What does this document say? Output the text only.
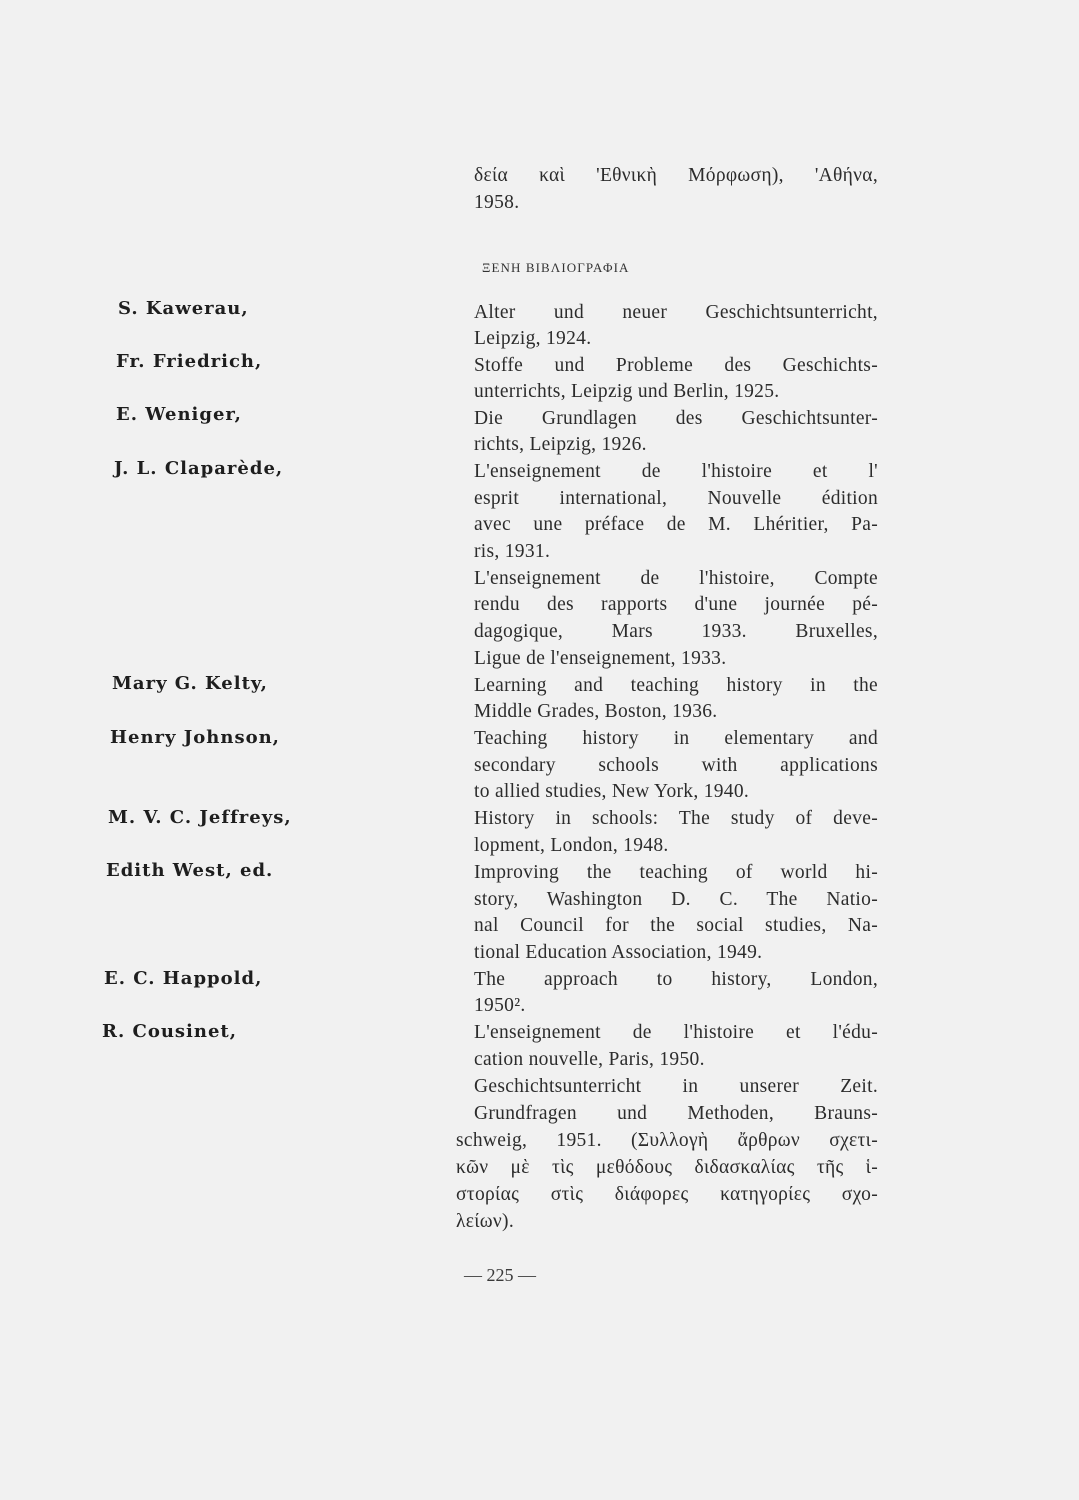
δεία καὶ 'Εθνικὴ Μόρφωση), 'Αθήνα,
1958.
ΞΕΝΗ ΒΙΒΛΙΟΓΡΑΦΙΑ
S. Kawerau,
Fr. Friedrich,
E. Weniger,
J. L. Claparède,
Mary G. Kelty,
Henry Johnson,
M. V. C. Jeffreys,
Edith West, ed.
E. C. Happold,
R. Cousinet,
Alter und neuer Geschichtsunterricht,
Leipzig, 1924.
Stoffe und Probleme des Geschichts-
unterrichts, Leipzig und Berlin, 1925.
Die Grundlagen des Geschichtsunter-
richts, Leipzig, 1926.
L'enseignement de l'histoire et l'
esprit international, Nouvelle édition
avec une préface de M. Lhéritier, Pa-
ris, 1931.
L'enseignement de l'histoire, Compte
rendu des rapports d'une journée pé-
dagogique, Mars 1933. Bruxelles,
Ligue de l'enseignement, 1933.
Learning and teaching history in the
Middle Grades, Boston, 1936.
Teaching history in elementary and
secondary schools with applications
to allied studies, New York, 1940.
History in schools: The study of deve-
lopment, London, 1948.
Improving the teaching of world hi-
story, Washington D. C. The Natio-
nal Council for the social studies, Na-
tional Education Association, 1949.
The approach to history, London,
1950².
L'enseignement de l'histoire et l'édu-
cation nouvelle, Paris, 1950.
Geschichtsunterricht in unserer Zeit.
Grundfragen und Methoden, Brauns-
schweig, 1951. (Συλλογὴ ἄρθρων σχετι-
κῶν μὲ τὶς μεθόδους διδασκαλίας τῆς ἱ-
στορίας στὶς διάφορες κατηγορίες σχο-
λείων).
— 225 —
